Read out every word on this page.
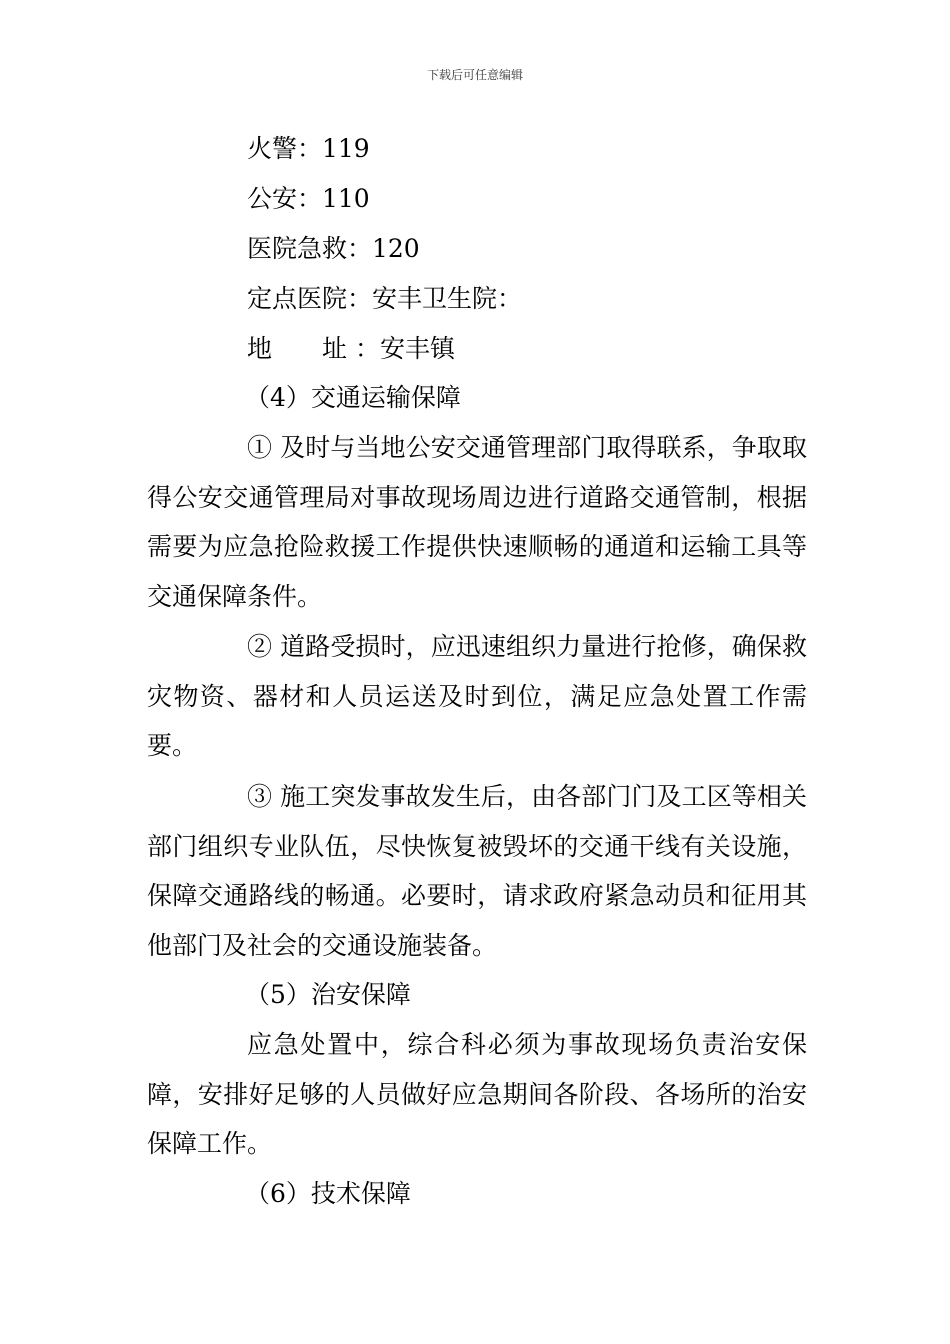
下载后可任意编辑
火警：119
公安：110
医院急救：120
定点医院：安丰卫生院：
地　　址 ：安丰镇
（4）交通运输保障
① 及时与当地公安交通管理部门取得联系，争取取得公安交通管理局对事故现场周边进行道路交通管制，根据需要为应急抢险救援工作提供快速顺畅的通道和运输工具等交通保障条件。
② 道路受损时，应迅速组织力量进行抢修，确保救灾物资、器材和人员运送及时到位，满足应急处置工作需要。
③ 施工突发事故发生后，由各部门门及工区等相关部门组织专业队伍，尽快恢复被毁坏的交通干线有关设施，保障交通路线的畅通。必要时，请求政府紧急动员和征用其他部门及社会的交通设施装备。
（5）治安保障
应急处置中，综合科必须为事故现场负责治安保障，安排好足够的人员做好应急期间各阶段、各场所的治安保障工作。
（6）技术保障
